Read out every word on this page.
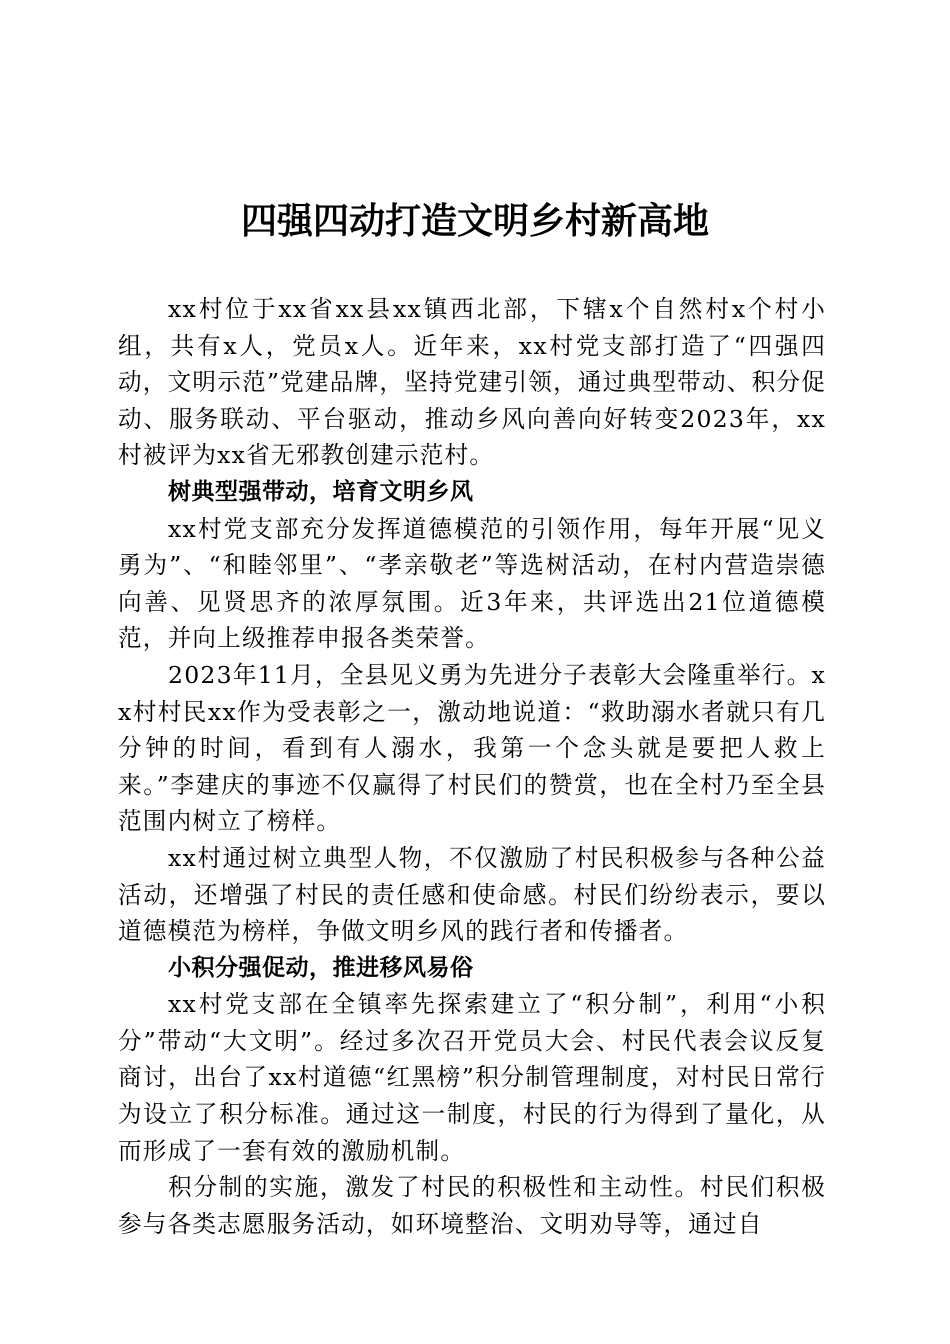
四强四动打造文明乡村新高地

xx村位于xx省xx县xx镇西北部，下辖x个自然村x个村小组，共有x人，党员x人。近年来，xx村党支部打造了“四强四动，文明示范”党建品牌，坚持党建引领，通过典型带动、积分促动、服务联动、平台驱动，推动乡风向善向好转变2023年，xx村被评为xx省无邪教创建示范村。

树典型强带动，培育文明乡风

xx村党支部充分发挥道德模范的引领作用，每年开展“见义勇为”、“和睦邻里”、“孝亲敬老”等选树活动，在村内营造崇德向善、见贤思齐的浓厚氛围。近3年来，共评选出21位道德模范，并向上级推荐申报各类荣誉。

2023年11月，全县见义勇为先进分子表彰大会隆重举行。xx村村民xx作为受表彰之一，激动地说道：“救助溺水者就只有几分钟的时间，看到有人溺水，我第一个念头就是要把人救上来。”李建庆的事迹不仅赢得了村民们的赞赏，也在全村乃至全县范围内树立了榜样。

xx村通过树立典型人物，不仅激励了村民积极参与各种公益活动，还增强了村民的责任感和使命感。村民们纷纷表示，要以道德模范为榜样，争做文明乡风的践行者和传播者。

小积分强促动，推进移风易俗

xx村党支部在全镇率先探索建立了“积分制”，利用“小积分”带动“大文明”。经过多次召开党员大会、村民代表会议反复商讨，出台了xx村道德“红黑榜”积分制管理制度，对村民日常行为设立了积分标准。通过这一制度，村民的行为得到了量化，从而形成了一套有效的激励机制。

积分制的实施，激发了村民的积极性和主动性。村民们积极参与各类志愿服务活动，如环境整治、文明劝导等，通过自
